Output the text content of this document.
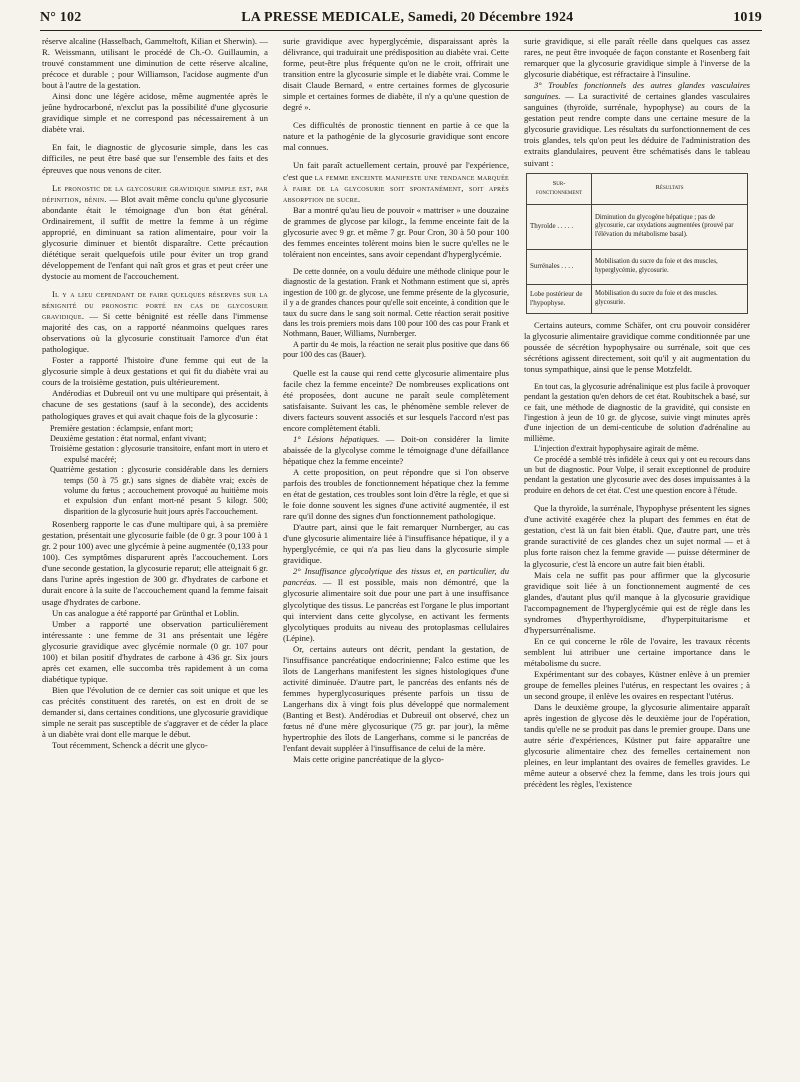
N° 102	LA PRESSE MEDICALE, Samedi, 20 Décembre 1924	1019

réserve alcaline (Hasselbach, Gammeltoft, Kilian et Sherwin). — R. Weissmann, utilisant le procédé de Ch.-O. Guillaumin, a trouvé constamment une diminution de cette réserve alcaline, précoce et durable ; pour Williamson, l'acidose augmente d'un bout à l'autre de la gestation.

Ainsi donc une légère acidose, même augmentée après le jeûne hydrocarboné, n'exclut pas la possibilité d'une glycosurie gravidique simple et ne correspond pas nécessairement à un diabète vrai.

En fait, le diagnostic de glycosurie simple, dans les cas difficiles, ne peut être basé que sur l'ensemble des faits et des épreuves que nous venons de citer.

Le pronostic de la glycosurie gravidique simple est, par définition, bénin. — Blot avait même conclu qu'une glycosurie abondante était le témoignage d'un bon état général. Ordinairement, il suffit de mettre la femme à un régime approprié, en diminuant sa ration alimentaire, pour voir la glycosurie diminuer et bientôt disparaître. Cette précaution diététique serait quelquefois utile pour éviter un trop grand développement de l'enfant qui naît gros et gras et peut créer une dystocie au moment de l'accouchement.

Il y a lieu cependant de faire quelques réserves sur la bénignité du pronostic porté en cas de glycosurie gravidique. — Si cette bénignité est réelle dans l'immense majorité des cas, on a rapporté néanmoins quelques rares observations où la glycosurie constituait l'amorce d'un état pathologique.

Foster a rapporté l'histoire d'une femme qui eut de la glycosurie simple à deux gestations et qui fit du diabète vrai au cours de la troisième gestation, puis ultérieurement.

Andérodias et Dubreuil ont vu une multipare qui présentait, à chacune de ses gestations (sauf à la seconde), des accidents pathologiques graves et qui avait chaque fois de la glycosurie :

Première gestation : éclampsie, enfant mort;
Deuxième gestation : état normal, enfant vivant;
Troisième gestation : glycosurie transitoire, enfant mort in utero et expulsé macéré;
Quatrième gestation : glycosurie considérable dans les derniers temps (50 à 75 gr.) sans signes de diabète vrai; excès de volume du fœtus ; accouchement provoqué au huitième mois et expulsion d'un enfant mort-né pesant 5 kilogr. 500; disparition de la glycosurie huit jours après l'accouchement.

Rosenberg rapporte le cas d'une multipare qui, à sa première gestation, présentait une glycosurie faible (de 0 gr. 3 pour 100 à 1 gr. 2 pour 100) avec une glycémie à peine augmentée (0,133 pour 100). Ces symptômes disparurent après l'accouchement. Lors d'une seconde gestation, la glycosurie reparut; elle atteignait 6 gr. dans l'urine après ingestion de 300 gr. d'hydrates de carbone et durait encore à la suite de l'accouchement quand la femme faisait usage d'hydrates de carbone.

Un cas analogue a été rapporté par Grünthal et Loblin.

Umber a rapporté une observation particulièrement intéressante : une femme de 31 ans présentait une légère glycosurie gravidique avec glycémie normale (0 gr. 107 pour 100) et bilan positif d'hydrates de carbone à 436 gr. Six jours après cet examen, elle succomba très rapidement à un coma diabétique typique.

Bien que l'évolution de ce dernier cas soit unique et que les cas précités constituent des raretés, on est en droit de se demander si, dans certaines conditions, une glycosurie gravidique simple ne serait pas susceptible de s'aggraver et de céder la place à un diabète vrai dont elle marque le début.

Tout récemment, Schenck a décrit une glyco-

surie gravidique avec hyperglycémie, disparaissant après la délivrance, qui traduirait une prédisposition au diabète vrai. Cette forme, peut-être plus fréquente qu'on ne le croit, offrirait une transition entre la glycosurie simple et le diabète vrai. Comme le disait Claude Bernard, « entre certaines formes de glycosurie simple et certaines formes de diabète, il n'y a qu'une question de degré ».

Ces difficultés de pronostic tiennent en partie à ce que la nature et la pathogénie de la glycosurie gravidique sont encore mal connues.

Un fait paraît actuellement certain, prouvé par l'expérience, c'est que la femme enceinte manifeste une tendance marquée à faire de la glycosurie soit spontanément, soit après absorption de sucre.

Bar a montré qu'au lieu de pouvoir « mattriser » une douzaine de grammes de glycose par kilogr., la femme enceinte fait de la glycosurie avec 9 gr. et même 7 gr. Pour Cron, 30 à 50 pour 100 des femmes enceintes tolèrent moins bien le sucre qu'elles ne le toléraient non enceintes, sans avoir cependant d'hyperglycémie.

De cette donnée, on a voulu déduire une méthode clinique pour le diagnostic de la gestation. Frank et Nothmann estiment que si, après ingestion de 100 gr. de glycose, une femme présente de la glycosurie, il y a de grandes chances pour qu'elle soit enceinte, à condition que le taux du sucre dans le sang soit normal. Cette réaction serait positive dans les trois premiers mois dans 100 pour 100 des cas pour Frank et Nothmann, Bauer, Williams, Nurnberger.

A partir du 4e mois, la réaction ne serait plus positive que dans 66 pour 100 des cas (Bauer).

Quelle est la cause qui rend cette glycosurie alimentaire plus facile chez la femme enceinte? De nombreuses explications ont été proposées, dont aucune ne paraît seule complètement satisfaisante. Suivant les cas, le phénomène semble relever de divers facteurs souvent associés et sur lesquels l'accord n'est pas encore complètement établi.

1° Lésions hépatiques. — Doit-on considérer la limite abaissée de la glycolyse comme le témoignage d'une défaillance hépatique chez la femme enceinte?

A cette proposition, on peut répondre que si l'on observe parfois des troubles de fonctionnement hépatique chez la femme en état de gestation, ces troubles sont loin d'être la règle, et que si le foie donne souvent les signes d'une activité augmentée, il est rare qu'il donne des signes d'un fonctionnement pathologique.

D'autre part, ainsi que le fait remarquer Nurnberger, au cas d'une glycosurie alimentaire liée à l'insuffisance hépatique, il y a hyperglycémie, ce qui n'a pas lieu dans la glycosurie simple gravidique.

2° Insuffisance glycolytique des tissus et, en particulier, du pancréas. — Il est possible, mais non démontré, que la glycosurie alimentaire soit due pour une part à une insuffisance glycolytique des tissus. Le pancréas est l'organe le plus important qui intervient dans cette glycolyse, en activant les ferments glycolytiques produits au niveau des protoplasmas cellulaires (Lépine).

Or, certains auteurs ont décrit, pendant la gestation, de l'insuffisance pancréatique endocrinienne; Falco estime que les îlots de Langerhans manifestent les signes histologiques d'une activité diminuée. D'autre part, le pancréas des enfants nés de femmes hyperglycosuriques présente parfois un tissu de Langerhans dix à vingt fois plus développé que normalement (Banting et Best). Andérodias et Dubreuil ont observé, chez un fœtus né d'une mère glycosurique (75 gr. par jour), la même hypertrophie des îlots de Langerhans, comme si le pancréas de l'enfant devait suppléer à l'insuffisance de celui de la mère.

Mais cette origine pancréatique de la glyco-

surie gravidique, si elle paraît réelle dans quelques cas assez rares, ne peut être invoquée de façon constante et Rosenberg fait remarquer que la glycosurie gravidique simple à l'inverse de la glycosurie diabétique, est réfractaire à l'insuline.

3° Troubles fonctionnels des autres glandes vasculaires sanguines. — La suractivité de certaines glandes vasculaires sanguines (thyroïde, surrénale, hypophyse) au cours de la gestation peut rendre compte dans une certaine mesure de la glycosurie gravidique. Les résultats du surfonctionnement de ces trois glandes, tels qu'on peut les déduire de l'administration des extraits glandulaires, peuvent être schématisés dans le tableau suivant :

Sur-fonctionnement	Résultats
Thyroïde . . . . .	Diminution du glycogène hépatique ; pas de glycosurie, car oxydations augmentées (prouvé par l'élévation du métabolisme basal).
Surrénales . . . .	Mobilisation du sucre du foie et des muscles, hyperglycémie, glycosurie.
Lobe postérieur de l'hypophyse.	Mobilisation du sucre du foie et des muscles. glycosurie.

Certains auteurs, comme Schäfer, ont cru pouvoir considérer la glycosurie alimentaire gravidique comme conditionnée par une poussée de sécrétion hypophysaire ou surrénale, soit que ces sécrétions agissent directement, soit qu'il y ait augmentation du tonus sympathique, ainsi que le pense Motzfeldt.

En tout cas, la glycosurie adrénalinique est plus facile à provoquer pendant la gestation qu'en dehors de cet état. Roubitschek a basé, sur ce fait, une méthode de diagnostic de la gravidité, qui consiste en l'ingestion à jeun de 10 gr. de glycose, suivie vingt minutes après d'une injection de un demi-centicube de solution d'adrénaline au millième.

L'injection d'extrait hypophysaire agirait de même.

Ce procédé a semblé très infidèle à ceux qui y ont eu recours dans un but de diagnostic. Pour Volpe, il serait exceptionnel de produire pendant la gestation une glycosurie avec des doses impuissantes à la produire en dehors de cet état. C'est une question encore à l'étude.

Que la thyroïde, la surrénale, l'hypophyse présentent les signes d'une activité exagérée chez la plupart des femmes en état de gestation, c'est là un fait bien établi. Que, d'autre part, une très grande suractivité de ces glandes chez un sujet normal — et à plus forte raison chez la femme gravide — puisse déterminer de la glycosurie, c'est là encore un autre fait bien établi.

Mais cela ne suffit pas pour affirmer que la glycosurie gravidique soit liée à un fonctionnement augmenté de ces glandes, d'autant plus qu'il manque à la glycosurie gravidique l'accompagnement de l'hyperglycémie qui est de règle dans les syndromes d'hyperthyroïdisme, d'hyperpituitarisme et d'hypersurrénalisme.

En ce qui concerne le rôle de l'ovaire, les travaux récents semblent lui attribuer une certaine importance dans le métabolisme du sucre.

Expérimentant sur des cobayes, Küstner enlève à un premier groupe de femelles pleines l'utérus, en respectant les ovaires ; à un second groupe, il enlève les ovaires en respectant l'utérus.

Dans le deuxième groupe, la glycosurie alimentaire apparaît après ingestion de glycose dès le deuxième jour de l'opération, tandis qu'elle ne se produit pas dans le premier groupe. Dans une autre série d'expériences, Küstner put faire apparaître une glycosurie alimentaire chez des femelles certainement non pleines, en leur implantant des ovaires de femelles gravides. Le même auteur a observé chez la femme, dans les trois jours qui précèdent les règles, l'existence
